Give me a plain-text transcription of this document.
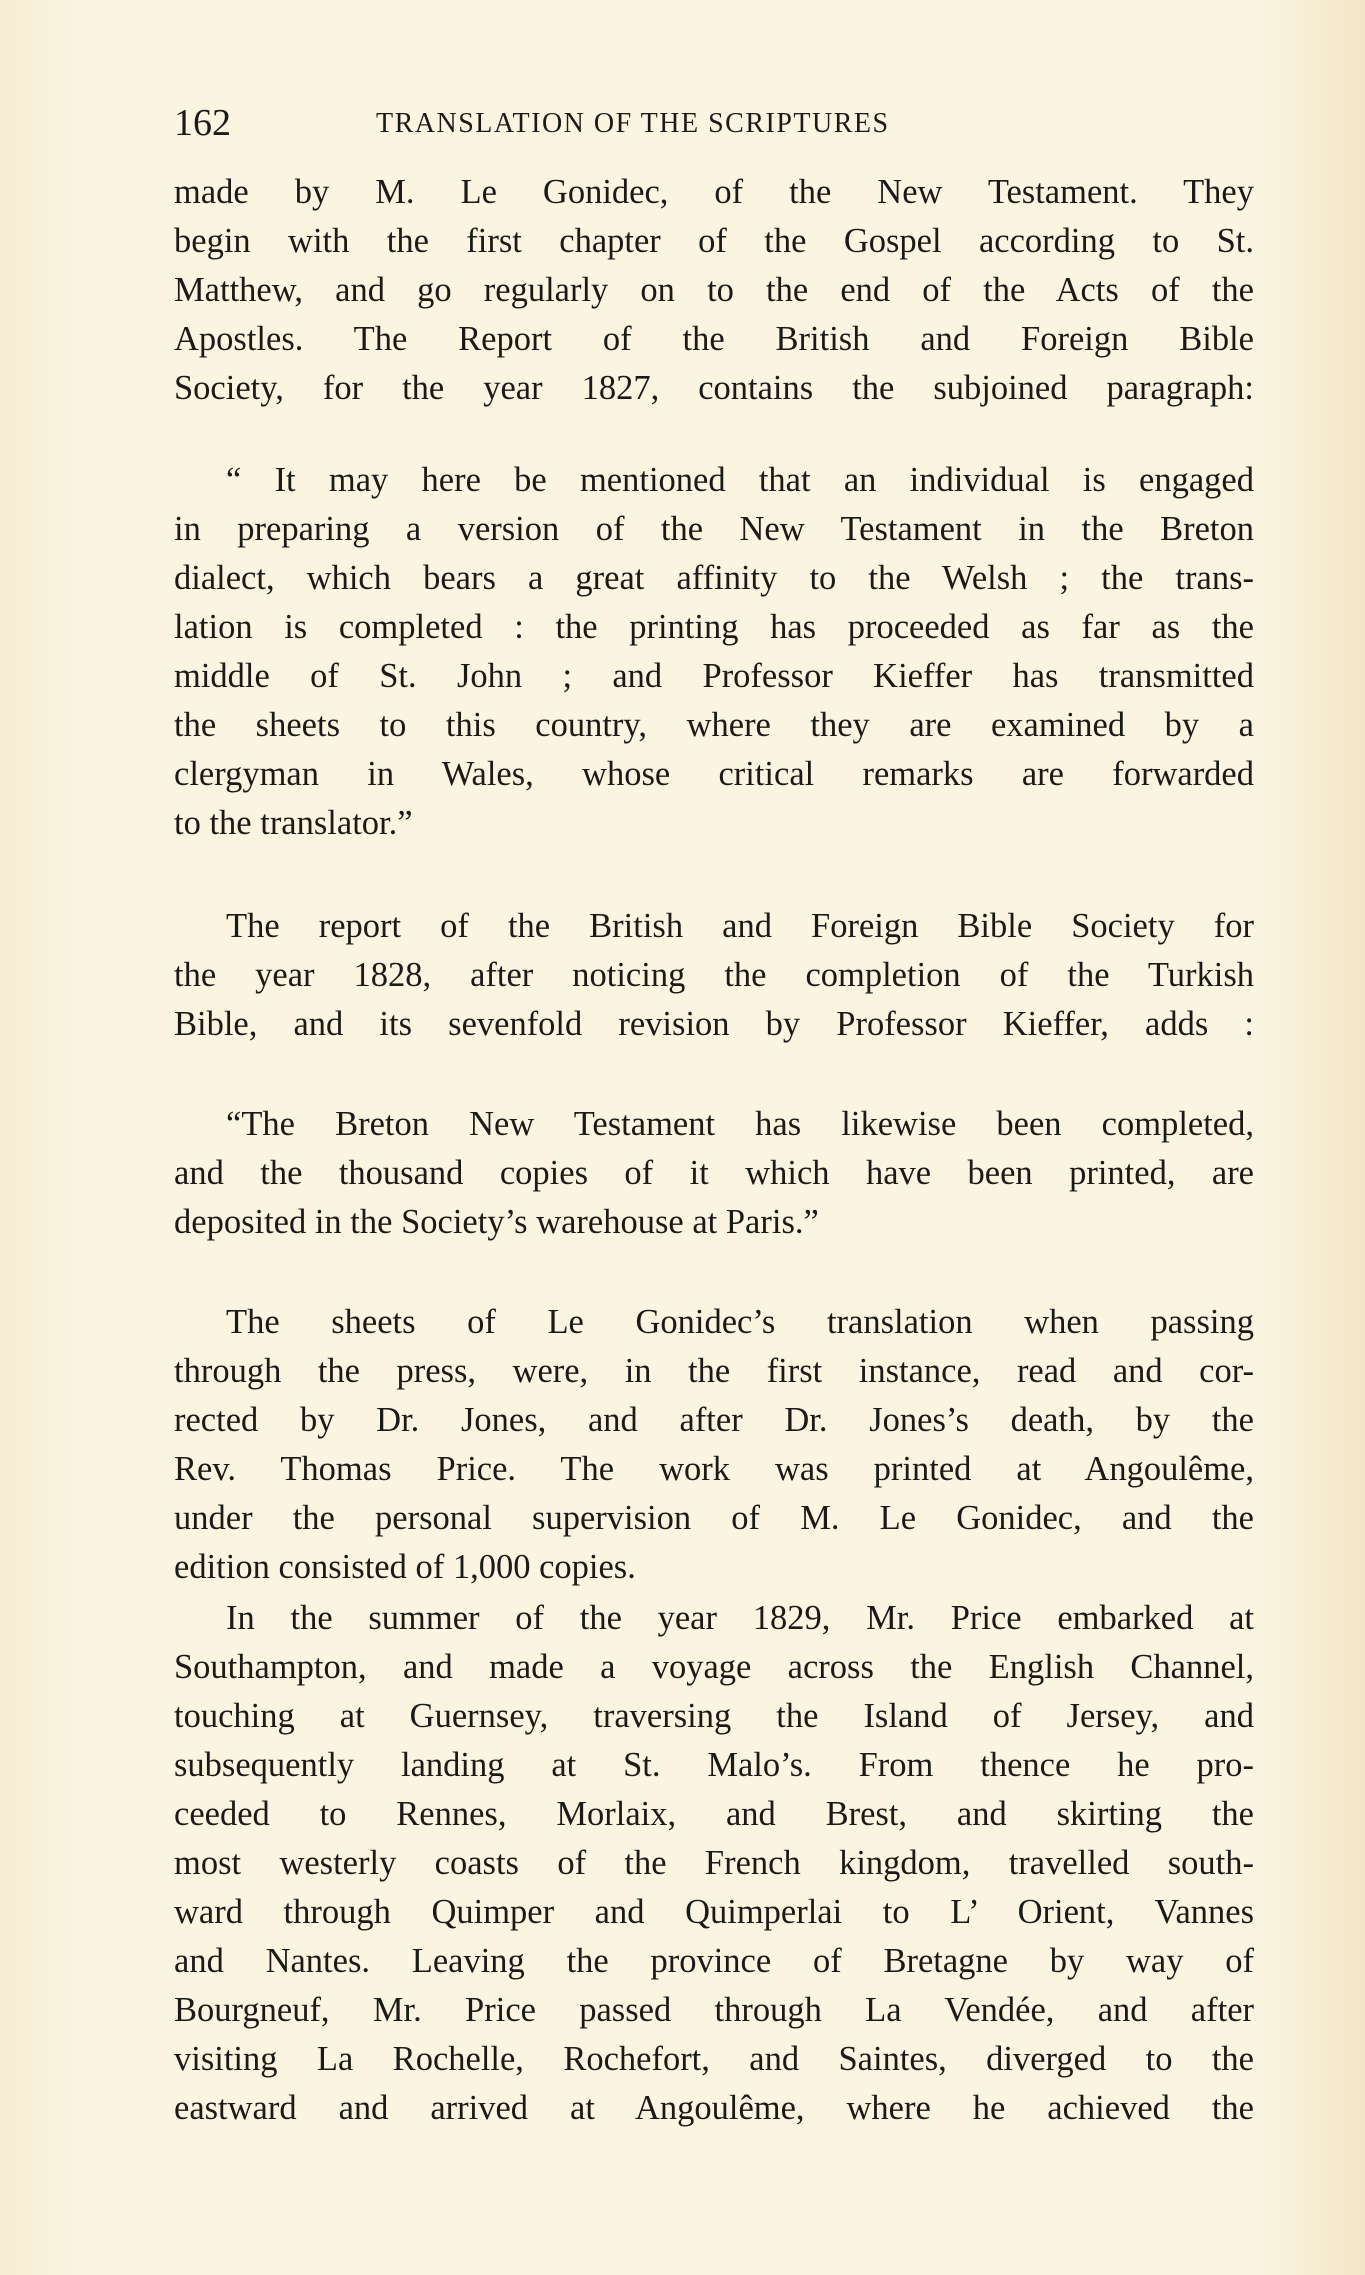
162	TRANSLATION OF THE SCRIPTURES
made by M. Le Gonidec, of the New Testament. They
begin with the first chapter of the Gospel according to St.
Matthew, and go regularly on to the end of the Acts of the
Apostles. The Report of the British and Foreign Bible
Society, for the year 1827, contains the subjoined paragraph:
“ It may here be mentioned that an individual is engaged
in preparing a version of the New Testament in the Breton
dialect, which bears a great affinity to the Welsh ; the trans-
lation is completed : the printing has proceeded as far as the
middle of St. John ; and Professor Kieffer has transmitted
the sheets to this country, where they are examined by a
clergyman in Wales, whose critical remarks are forwarded
to the translator.”
The report of the British and Foreign Bible Society for
the year 1828, after noticing the completion of the Turkish
Bible, and its sevenfold revision by Professor Kieffer, adds :
“The Breton New Testament has likewise been completed,
and the thousand copies of it which have been printed, are
deposited in the Society’s warehouse at Paris.”
The sheets of Le Gonidec’s translation when passing
through the press, were, in the first instance, read and cor-
rected by Dr. Jones, and after Dr. Jones’s death, by the
Rev. Thomas Price. The work was printed at Angoulême,
under the personal supervision of M. Le Gonidec, and the
edition consisted of 1,000 copies.
In the summer of the year 1829, Mr. Price embarked at
Southampton, and made a voyage across the English Channel,
touching at Guernsey, traversing the Island of Jersey, and
subsequently landing at St. Malo’s. From thence he pro-
ceeded to Rennes, Morlaix, and Brest, and skirting the
most westerly coasts of the French kingdom, travelled south-
ward through Quimper and Quimperlai to L’ Orient, Vannes
and Nantes. Leaving the province of Bretagne by way of
Bourgneuf, Mr. Price passed through La Vendée, and after
visiting La Rochelle, Rochefort, and Saintes, diverged to the
eastward and arrived at Angoulême, where he achieved the
